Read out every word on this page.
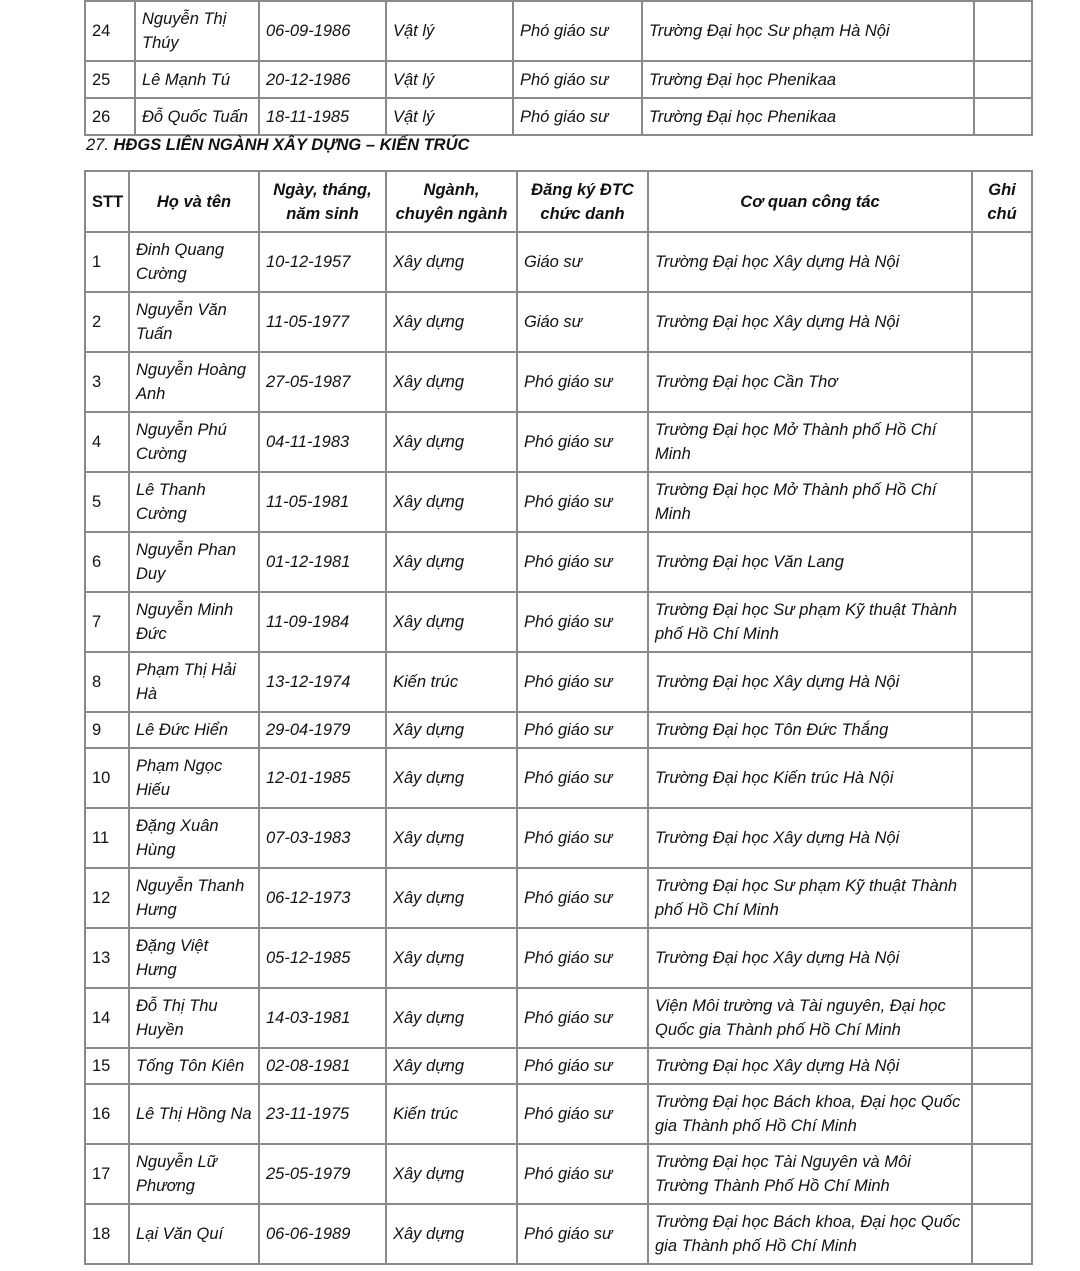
24	Nguyễn Thị Thúy	06-09-1986	Vật lý	Phó giáo sư	Trường Đại học Sư phạm Hà Nội	
25	Lê Mạnh Tú	20-12-1986	Vật lý	Phó giáo sư	Trường Đại học Phenikaa	
26	Đỗ Quốc Tuấn	18-11-1985	Vật lý	Phó giáo sư	Trường Đại học Phenikaa	

27. HĐGS LIÊN NGÀNH XÂY DỰNG – KIẾN TRÚC

STT	Họ và tên	Ngày, tháng, năm sinh	Ngành, chuyên ngành	Đăng ký ĐTC chức danh	Cơ quan công tác	Ghi chú
1	Đinh Quang Cường	10-12-1957	Xây dựng	Giáo sư	Trường Đại học Xây dựng Hà Nội	
2	Nguyễn Văn Tuấn	11-05-1977	Xây dựng	Giáo sư	Trường Đại học Xây dựng Hà Nội	
3	Nguyễn Hoàng Anh	27-05-1987	Xây dựng	Phó giáo sư	Trường Đại học Cần Thơ	
4	Nguyễn Phú Cường	04-11-1983	Xây dựng	Phó giáo sư	Trường Đại học Mở Thành phố Hồ Chí Minh	
5	Lê Thanh Cường	11-05-1981	Xây dựng	Phó giáo sư	Trường Đại học Mở Thành phố Hồ Chí Minh	
6	Nguyễn Phan Duy	01-12-1981	Xây dựng	Phó giáo sư	Trường Đại học Văn Lang	
7	Nguyễn Minh Đức	11-09-1984	Xây dựng	Phó giáo sư	Trường Đại học Sư phạm Kỹ thuật Thành phố Hồ Chí Minh	
8	Phạm Thị Hải Hà	13-12-1974	Kiến trúc	Phó giáo sư	Trường Đại học Xây dựng Hà Nội	
9	Lê Đức Hiển	29-04-1979	Xây dựng	Phó giáo sư	Trường Đại học Tôn Đức Thắng	
10	Phạm Ngọc Hiếu	12-01-1985	Xây dựng	Phó giáo sư	Trường Đại học Kiến trúc Hà Nội	
11	Đặng Xuân Hùng	07-03-1983	Xây dựng	Phó giáo sư	Trường Đại học Xây dựng Hà Nội	
12	Nguyễn Thanh Hưng	06-12-1973	Xây dựng	Phó giáo sư	Trường Đại học Sư phạm Kỹ thuật Thành phố Hồ Chí Minh	
13	Đặng Việt Hưng	05-12-1985	Xây dựng	Phó giáo sư	Trường Đại học Xây dựng Hà Nội	
14	Đỗ Thị Thu Huyền	14-03-1981	Xây dựng	Phó giáo sư	Viện Môi trường và Tài nguyên, Đại học Quốc gia Thành phố Hồ Chí Minh	
15	Tống Tôn Kiên	02-08-1981	Xây dựng	Phó giáo sư	Trường Đại học Xây dựng Hà Nội	
16	Lê Thị Hồng Na	23-11-1975	Kiến trúc	Phó giáo sư	Trường Đại học Bách khoa, Đại học Quốc gia Thành phố Hồ Chí Minh	
17	Nguyễn Lữ Phương	25-05-1979	Xây dựng	Phó giáo sư	Trường Đại học Tài Nguyên và Môi Trường Thành Phố Hồ Chí Minh	
18	Lại Văn Quí	06-06-1989	Xây dựng	Phó giáo sư	Trường Đại học Bách khoa, Đại học Quốc gia Thành phố Hồ Chí Minh	
